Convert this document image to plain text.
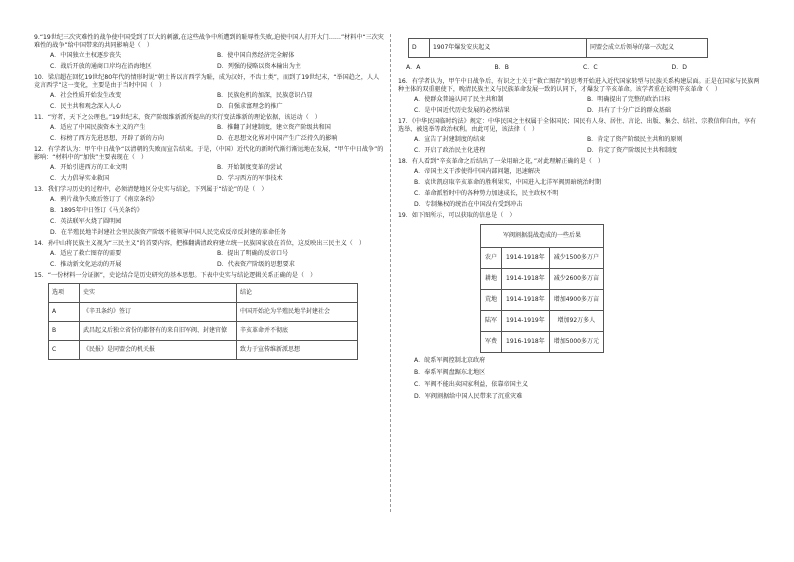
9.“19世纪三次灾难性的战争使中国受到了巨大的刺激,在这些战争中所遭到的耻辱性失败,迫使中国人打开大门……”材料中“三次灾难性的战争”给中国带来的共同影响是（　）
A．中国独立主权逐步丧失	B．使中国自然经济完全解体
C．战后开放的通商口岸均在沿海地区	D．列强的侵略以资本输出为主
10．梁启超在回忆19世纪80年代的情形时说“朝士皆以言西学为耻，成为汉奸，不齿士类”，而到了19世纪末，“举国趋之，人人竞言西学”这一变化，主要是由于当时中国（　）
A．社会性质开始发生改变	B．民族危机的加深，民族意识凸显
C．民主共和观念深入人心	D．自强求富理念的推广
11．“穷者，天下之公理也。”19世纪末，资产阶级维新派所提出的实行变法维新的理论依据，该运动（　）
A．适应了中国民族资本主义的产生	B．推翻了封建制度，建立资产阶级共和国
C．标榜了西方先进思想，开辟了新的方向	D．在思想文化界对中国产生广泛持久的影响
12．有学者认为：甲午中日战争“以清朝的失败而宣告结束。于是，（中国）近代化的新时代渐行渐远地在发展，“甲午中日战争”的影响：“材料中的“加快”主要表现在（　）
A．开始引进西方的工业文明	B．开始制度变革的尝试
C．大力倡导实业救国	D．学习西方的军事技术
13．我们学习历史的过程中，必须清楚地区分史实与结论，下列属于“结论”的是（　）
A．鸦片战争失败后签订了《南京条约》
B．1895年中日签订《马关条约》
C．英法联军火烧了圆明园
D．在半殖民地半封建社会里民族资产阶级不能领导中国人民完成反帝反封建的革命任务
14．孙中山将民族主义视为“三民主义”的首要内容，把推翻满清政府建立统一民族国家放在首位，这反映出三民主义（　）
A．适应了救亡图存的需要	B．提出了明确的反帝口号
C．推动新文化运动的开展	D．代表资产阶级的思想要求
15．“一份材料一分证据”，史论结合是历史研究的基本思想。下表中史实与结论逻辑关系正确的是（　）
选项	史实	结论
A	《辛丑条约》签订	中国开始沦为半殖民地半封建社会
B	武昌起义后独立省份的都督有的来自旧军阀、封建官僚	辛亥革命并不彻底
C	《民报》是同盟会的机关报	致力于宣传维新派思想
D	1907年爆发安庆起义	同盟会成立后领导的第一次起义
A．A	B．B	C．C	D．D
16．有学者认为，甲午中日战争后，有识之士关于“救亡图存”的思考开始进入近代国家转型与民族关系构建层面。正是在国家与民族两种主体的双重驱使下，晚清民族主义与民族革命发展一致的认同下，才爆发了辛亥革命。该学者重在说明辛亥革命（　）
A．使群众普遍认同了民主共和制	B．明确提出了完整的政治目标
C．是中国近代历史发展的必然结果	D．具有了十分广泛的群众基础
17．《中华民国临时约法》规定：中华民国之主权属于全体国民；国民有人身、居住、言论、出版、集会、结社、宗教信仰自由，享有选举、被选举等政治权利。由此可见，该法律（　）
A．宣告了封建制度的结束	B．肯定了资产阶级民主共和的原则
C．开启了政治民主化进程	D．肯定了资产阶级民主共和制度
18．有人看到“辛亥革命之后结出了一朵用暗之花，”对此理解正确的是（　）
A．帝国主义干涉使得中国内部问题，迅速解决
B．袁世凯窃取辛亥革命的胜利果实，中国进入北洋军阀黑暗统治时期
C．革命派暂时中的各种势力加速成长，民主政权不明
D．专制集权的统治在中国没有受到冲击
19．如下图所示，可以获取的信息是（　）
军阀割据混战造成的一些后果		
农户	1914-1918年	减少1500多万户
耕地	1914-1918年	减少2600多万亩
荒地	1914-1918年	增加4900多万亩
陆军	1914-1919年	增加92万多人
军费	1916-1918年	增加5000多万元
A．皖系军阀控制北京政府
B．奉系军阀盘踞东北地区
C．军阀不能出卖国家利益，依靠帝国主义
D．军阀割据给中国人民带来了沉重灾难
